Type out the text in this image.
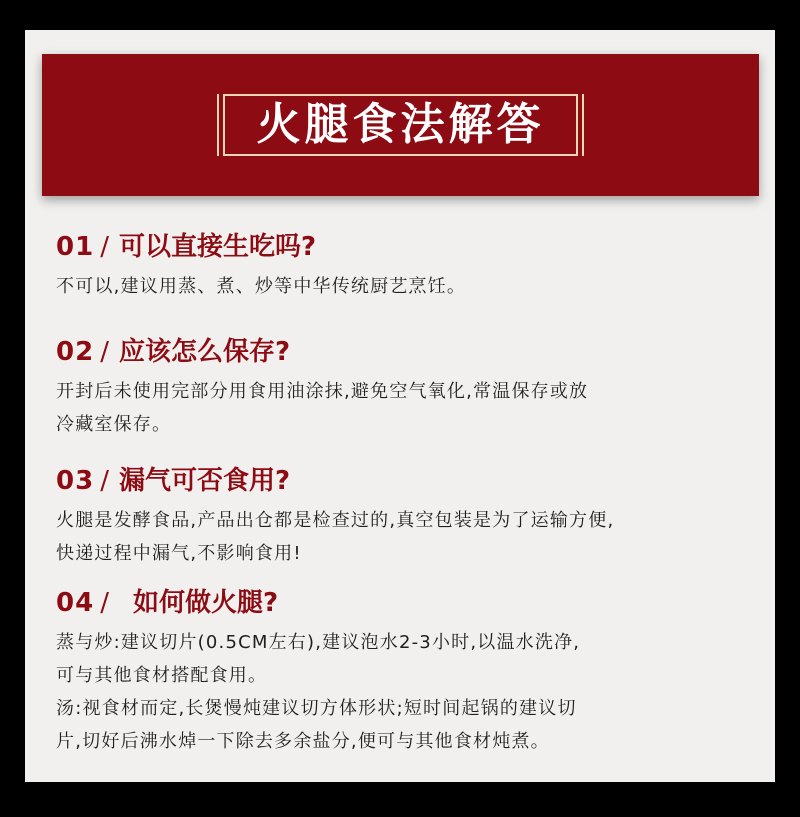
火腿食法解答
01 / 可以直接生吃吗?

不可以,建议用蒸、煮、炒等中华传统厨艺烹饪。

02 / 应该怎么保存?

开封后未使用完部分用食用油涂抹,避免空气氧化,常温保存或放

冷藏室保存。

03 / 漏气可否食用?

火腿是发酵食品,产品出仓都是检查过的,真空包装是为了运输方便,

快递过程中漏气,不影响食用!

04 / 如何做火腿?

蒸与炒:建议切片(0.5CM左右),建议泡水2-3小时,以温水洗净,

可与其他食材搭配食用。

汤:视食材而定,长煲慢炖建议切方体形状;短时间起锅的建议切

片,切好后沸水焯一下除去多余盐分,便可与其他食材炖煮。
